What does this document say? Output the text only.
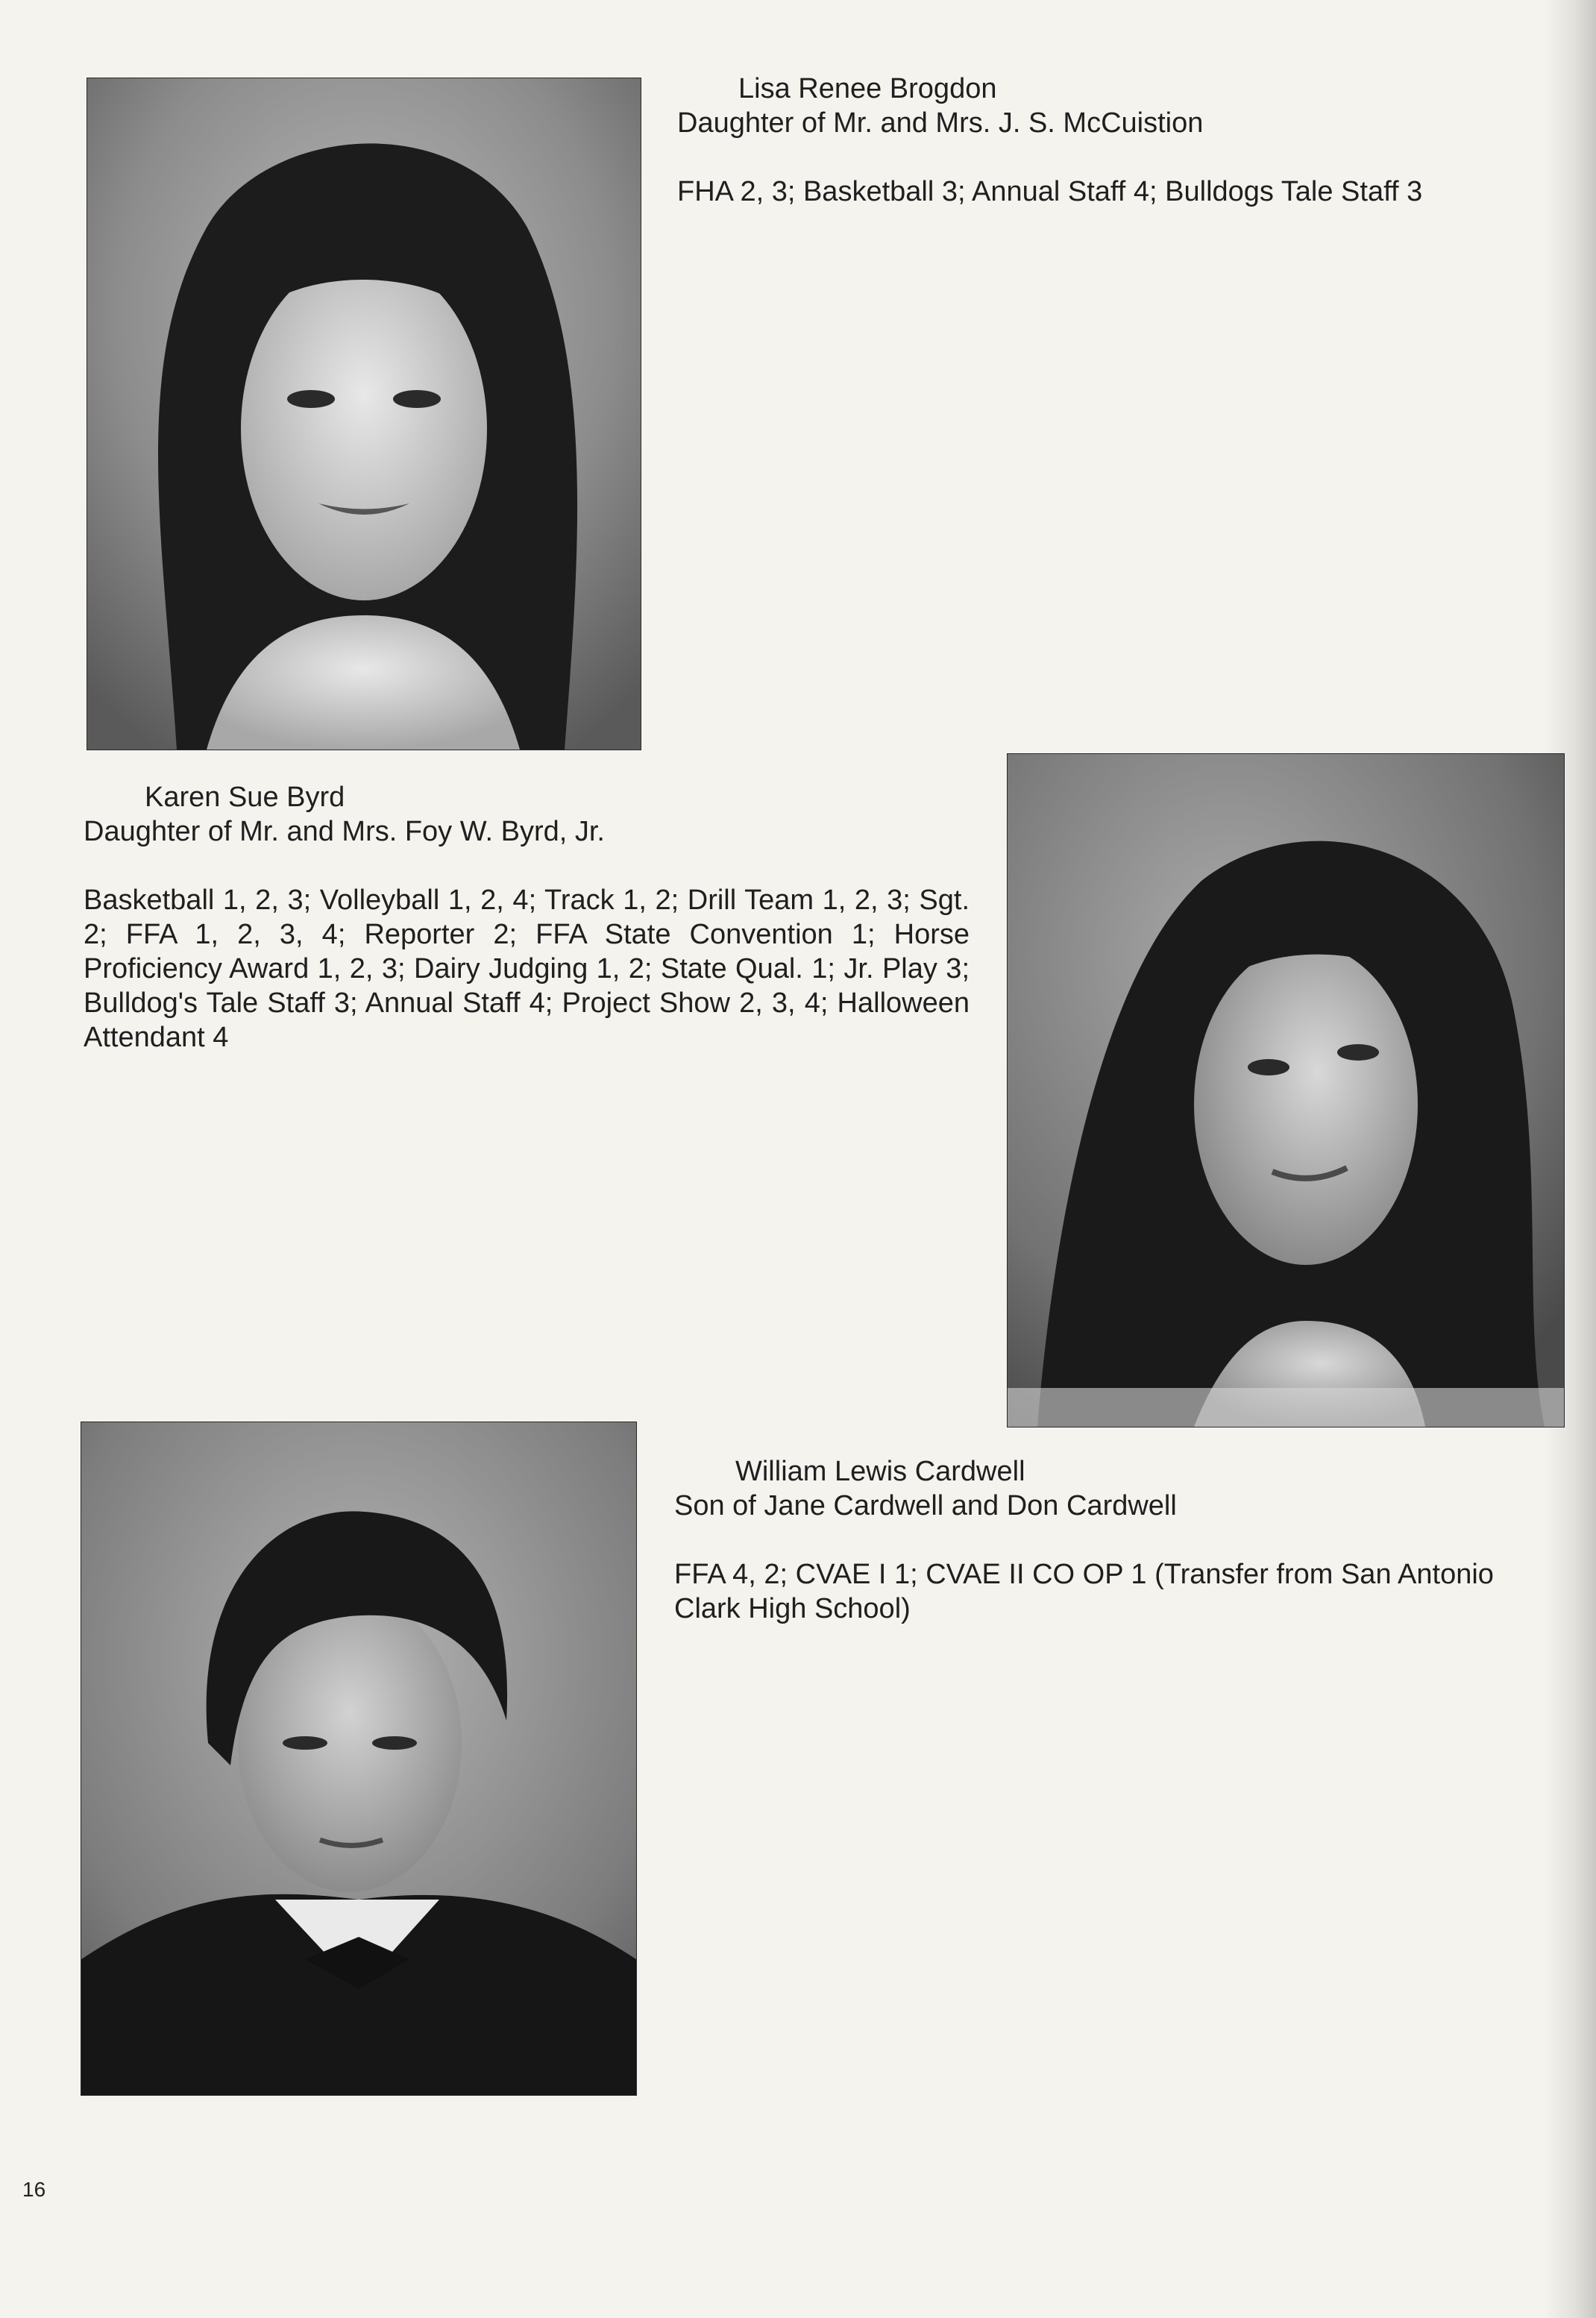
Lisa Renee Brogdon
Daughter of Mr. and Mrs. J. S. McCuistion
FHA 2, 3; Basketball 3; Annual Staff 4; Bulldogs Tale Staff 3
Karen Sue Byrd
Daughter of Mr. and Mrs. Foy W. Byrd, Jr.
Basketball 1, 2, 3; Volleyball 1, 2, 4; Track 1, 2; Drill Team 1, 2, 3; Sgt. 2; FFA 1, 2, 3, 4; Reporter 2; FFA State Convention 1; Horse Proficiency Award 1, 2, 3; Dairy Judging 1, 2; State Qual. 1; Jr. Play 3; Bulldog's Tale Staff 3; Annual Staff 4; Project Show 2, 3, 4; Halloween Attendant 4
William Lewis Cardwell
Son of Jane Cardwell and Don Cardwell
FFA 4, 2; CVAE I 1; CVAE II CO OP 1 (Transfer from San Antonio Clark High School)
16
